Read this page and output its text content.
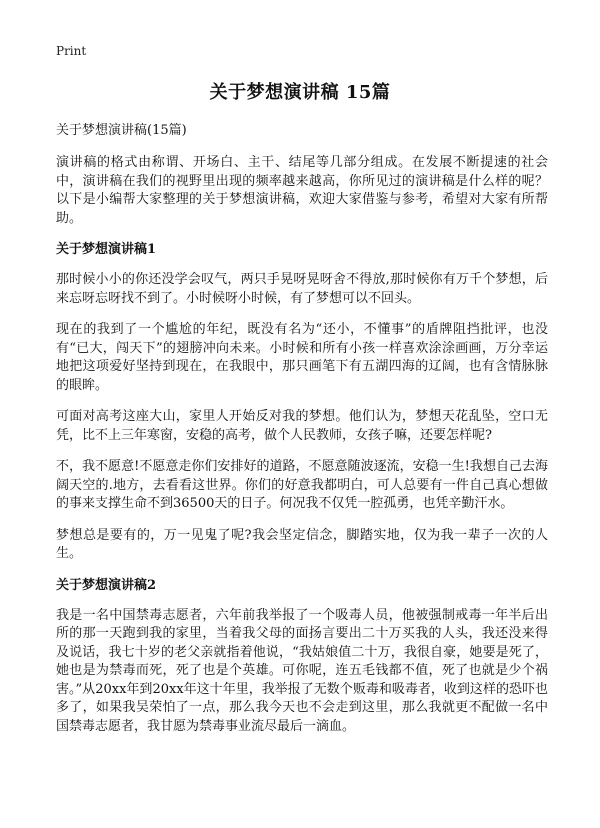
Print
关于梦想演讲稿 15篇
关于梦想演讲稿(15篇)

演讲稿的格式由称谓、开场白、主干、结尾等几部分组成。在发展不断提速的社会中，演讲稿在我们的视野里出现的频率越来越高，你所见过的演讲稿是什么样的呢？以下是小编帮大家整理的关于梦想演讲稿，欢迎大家借鉴与参考，希望对大家有所帮助。

关于梦想演讲稿1

那时候小小的你还没学会叹气，两只手晃呀晃呀舍不得放,那时候你有万千个梦想，后来忘呀忘呀找不到了。小时候呀小时候，有了梦想可以不回头。

现在的我到了一个尴尬的年纪，既没有名为“还小，不懂事”的盾牌阻挡批评，也没有“已大，闯天下”的翅膀冲向未来。小时候和所有小孩一样喜欢涂涂画画，万分幸运地把这项爱好坚持到现在，在我眼中，那只画笔下有五湖四海的辽阔，也有含情脉脉的眼眸。

可面对高考这座大山，家里人开始反对我的梦想。他们认为，梦想天花乱坠，空口无凭，比不上三年寒窗，安稳的高考，做个人民教师，女孩子嘛，还要怎样呢?

不，我不愿意!不愿意走你们安排好的道路，不愿意随波逐流，安稳一生!我想自己去海阔天空的.地方，去看看这世界。你们的好意我都明白，可人总要有一件自己真心想做的事来支撑生命不到36500天的日子。何况我不仅凭一腔孤勇，也凭辛勤汗水。

梦想总是要有的，万一见鬼了呢?我会坚定信念，脚踏实地，仅为我一辈子一次的人生。

关于梦想演讲稿2

我是一名中国禁毒志愿者，六年前我举报了一个吸毒人员，他被强制戒毒一年半后出所的那一天跑到我的家里，当着我父母的面扬言要出二十万买我的人头，我还没来得及说话，我七十岁的老父亲就指着他说，“我姑娘值二十万，我很自豪，她要是死了，她也是为禁毒而死，死了也是个英雄。可你呢，连五毛钱都不值，死了也就是少个祸害。”从20xx年到20xx年这十年里，我举报了无数个贩毒和吸毒者，收到这样的恐吓也多了，如果我吴荣怕了一点，那么我今天也不会走到这里，那么我就更不配做一名中国禁毒志愿者，我甘愿为禁毒事业流尽最后一滴血。
